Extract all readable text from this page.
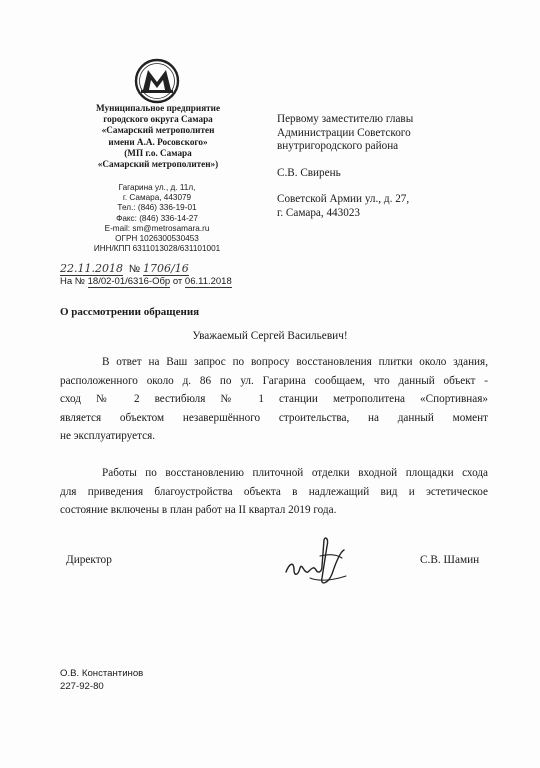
Муниципальное предприятие
городского округа Самара
«Самарский метрополитен
имени А.А. Росовского»
(МП г.о. Самара
«Самарский метрополитен»)
Гагарина ул., д. 11л,
г. Самара, 443079
Тел.: (846) 336-19-01
Факс: (846) 336-14-27
E-mail: sm@metrosamara.ru
ОГРН 1026300530453
ИНН/КПП 6311013028/631101001
22.11.2018 № 1706/16
На № 18/02-01/6316-Обр от 06.11.2018
Первому заместителю главы
Администрации Советского
внутригородского района
С.В. Свирень
Советской Армии ул., д. 27,
г. Самара, 443023
О рассмотрении обращения
Уважаемый Сергей Васильевич!
В ответ на Ваш запрос по вопросу восстановления плитки около здания,
расположенного около д. 86 по ул. Гагарина сообщаем, что данный объект -
сход № 2 вестибюля № 1 станции метрополитена «Спортивная»
является объектом незавершённого строительства, на данный момент
не эксплуатируется.
Работы по восстановлению плиточной отделки входной площадки схода
для приведения благоустройства объекта в надлежащий вид и эстетическое
состояние включены в план работ на II квартал 2019 года.
Директор	С.В. Шамин
О.В. Константинов
227-92-80
